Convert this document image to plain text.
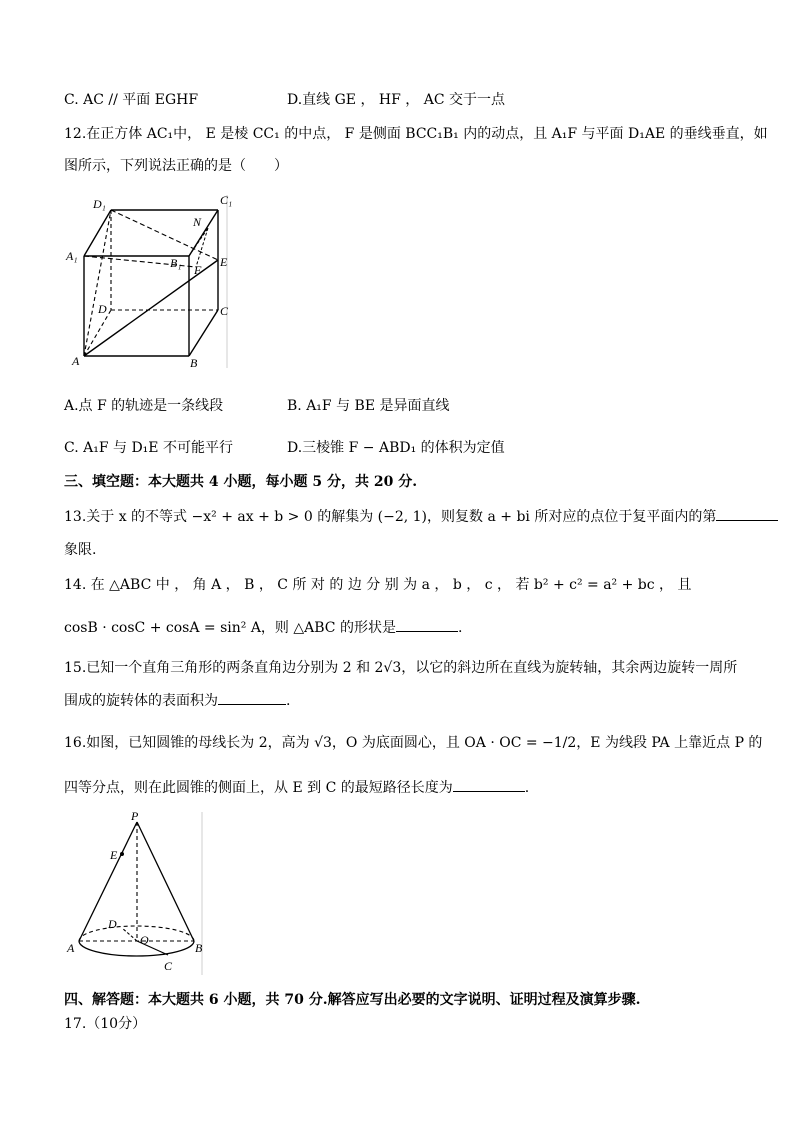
C. AC // 平面 EGHF	D.直线 GE ， HF ， AC 交于一点
12.在正方体 AC₁中， E 是棱 CC₁ 的中点， F 是侧面 BCC₁B₁ 内的动点，且 A₁F 与平面 D₁AE 的垂线垂直，如
图所示，下列说法正确的是（　　）
D₁	C₁
N
A₁	B₁ F
E
D	C
A	B
A.点 F 的轨迹是一条线段	B. A₁F 与 BE 是异面直线
C. A₁F 与 D₁E 不可能平行	D.三棱锥 F − ABD₁ 的体积为定值
三、填空题：本大题共 4 小题，每小题 5 分，共 20 分.
13.关于 x 的不等式 −x² + ax + b > 0 的解集为 (−2, 1)，则复数 a + bi 所对应的点位于复平面内的第
象限.
14. 在 △ABC 中 ， 角 A ， B ， C 所 对 的 边 分 别 为 a ， b ， c ， 若 b² + c² = a² + bc ， 且
cosB · cosC + cosA = sin² A，则 △ABC 的形状是	.
15.已知一个直角三角形的两条直角边分别为 2 和 2√3，以它的斜边所在直线为旋转轴，其余两边旋转一周所
围成的旋转体的表面积为	.
16.如图，已知圆锥的母线长为 2，高为 √3，O 为底面圆心，且 OA · OC = −1/2，E 为线段 PA 上靠近点 P 的
四等分点，则在此圆锥的侧面上，从 E 到 C 的最短路径长度为	.
P
E
D
O
A	B
C
四、解答题：本大题共 6 小题，共 70 分.解答应写出必要的文字说明、证明过程及演算步骤.
17.（10分）
